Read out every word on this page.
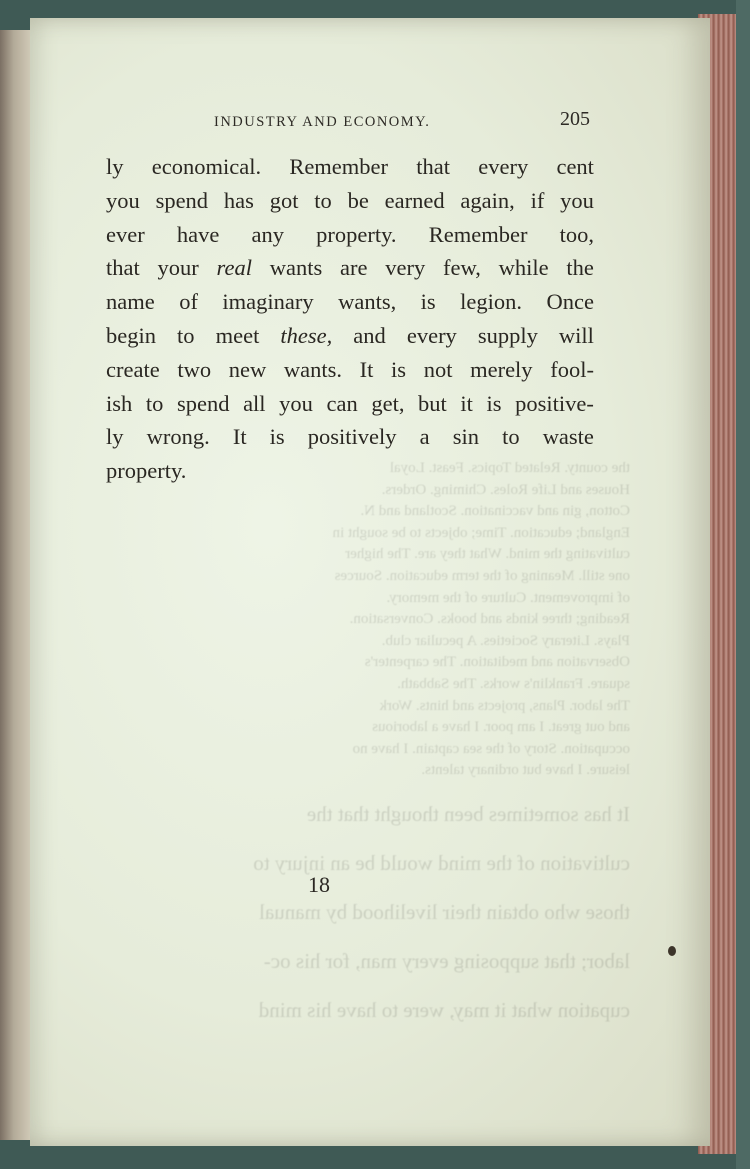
the county. Related Topics. Feast. Loyal
Houses and Life Roles. Chiming. Orders.
Cotton, gin and vaccination. Scotland and N.
England; education. Time; objects to be sought in
cultivating the mind. What they are. The higher
one still. Meaning of the term education. Sources
of improvement. Culture of the memory.
Reading; three kinds and books. Conversation.
Plays. Literary Societies. A peculiar club.
Observation and meditation. The carpenter's
square. Franklin's works. The Sabbath.
The labor. Plans, projects and hints. Work
and out great. I am poor. I have a laborious
occupation. Story of the sea captain. I have no
leisure. I have but ordinary talents.
It has sometimes been thought that the
cultivation of the mind would be an injury to
those who obtain their livelihood by manual
labor; that supposing every man, for his oc-
cupation what it may, were to have his mind
INDUSTRY AND ECONOMY.	205
ly economical. Remember that every cent
you spend has got to be earned again, if you
ever have any property. Remember too,
that your real wants are very few, while the
name of imaginary wants, is legion. Once
begin to meet these, and every supply will
create two new wants. It is not merely fool-
ish to spend all you can get, but it is positive-
ly wrong. It is positively a sin to waste
property.
18
